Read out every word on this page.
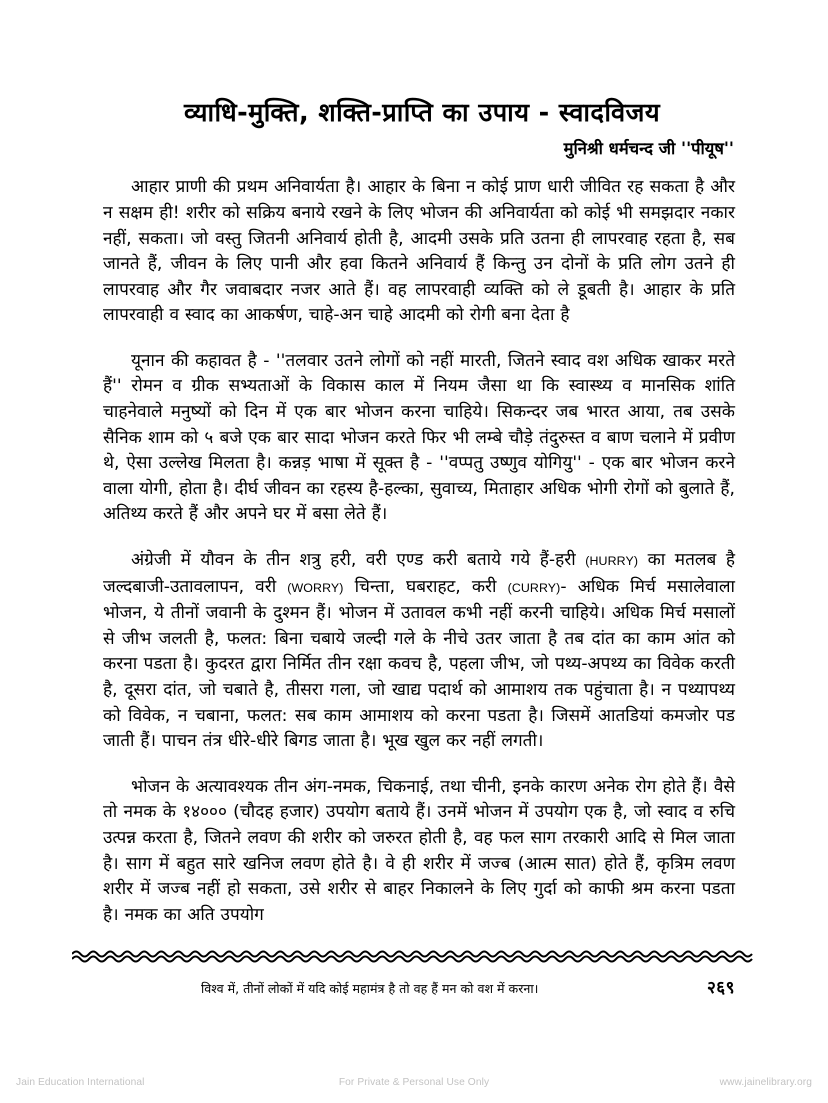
व्याधि-मुक्ति, शक्ति-प्राप्ति का उपाय - स्वादविजय
मुनिश्री धर्मचन्द जी ''पीयूष''

आहार प्राणी की प्रथम अनिवार्यता है। आहार के बिना न कोई प्राण धारी जीवित रह सकता है और न सक्षम ही! शरीर को सक्रिय बनाये रखने के लिए भोजन की अनिवार्यता को कोई भी समझदार नकार नहीं, सकता। जो वस्तु जितनी अनिवार्य होती है, आदमी उसके प्रति उतना ही लापरवाह रहता है, सब जानते हैं, जीवन के लिए पानी और हवा कितने अनिवार्य हैं किन्तु उन दोनों के प्रति लोग उतने ही लापरवाह और गैर जवाबदार नजर आते हैं। वह लापरवाही व्यक्ति को ले डूबती है। आहार के प्रति लापरवाही व स्वाद का आकर्षण, चाहे-अन चाहे आदमी को रोगी बना देता है

यूनान की कहावत है - ''तलवार उतने लोगों को नहीं मारती, जितने स्वाद वश अधिक खाकर मरते हैं'' रोमन व ग्रीक सभ्यताओं के विकास काल में नियम जैसा था कि स्वास्थ्य व मानसिक शांति चाहनेवाले मनुष्यों को दिन में एक बार भोजन करना चाहिये। सिकन्दर जब भारत आया, तब उसके सैनिक शाम को ५ बजे एक बार सादा भोजन करते फिर भी लम्बे चौड़े तंदुरुस्त व बाण चलाने में प्रवीण थे, ऐसा उल्लेख मिलता है। कन्नड़ भाषा में सूक्त है - ''वप्पतु उष्णुव योगियु'' - एक बार भोजन करने वाला योगी, होता है। दीर्घ जीवन का रहस्य है-हल्का, सुवाच्य, मिताहार अधिक भोगी रोगों को बुलाते हैं, अतिथ्य करते हैं और अपने घर में बसा लेते हैं।

अंग्रेजी में यौवन के तीन शत्रु हरी, वरी एण्ड करी बताये गये हैं-हरी (HURRY) का मतलब है जल्दबाजी-उतावलापन, वरी (WORRY) चिन्ता, घबराहट, करी (CURRY)- अधिक मिर्च मसालेवाला भोजन, ये तीनों जवानी के दुश्मन हैं। भोजन में उतावल कभी नहीं करनी चाहिये। अधिक मिर्च मसालों से जीभ जलती है, फलत: बिना चबाये जल्दी गले के नीचे उतर जाता है तब दांत का काम आंत को करना पडता है। कुदरत द्वारा निर्मित तीन रक्षा कवच है, पहला जीभ, जो पथ्य-अपथ्य का विवेक करती है, दूसरा दांत, जो चबाते है, तीसरा गला, जो खाद्य पदार्थ को आमाशय तक पहुंचाता है। न पथ्यापथ्य को विवेक, न चबाना, फलत: सब काम आमाशय को करना पडता है। जिसमें आतडियां कमजोर पड जाती हैं। पाचन तंत्र धीरे-धीरे बिगड जाता है। भूख खुल कर नहीं लगती।

भोजन के अत्यावश्यक तीन अंग-नमक, चिकनाई, तथा चीनी, इनके कारण अनेक रोग होते हैं। वैसे तो नमक के १४००० (चौदह हजार) उपयोग बताये हैं। उनमें भोजन में उपयोग एक है, जो स्वाद व रुचि उत्पन्न करता है, जितने लवण की शरीर को जरुरत होती है, वह फल साग तरकारी आदि से मिल जाता है। साग में बहुत सारे खनिज लवण होते है। वे ही शरीर में जज्ब (आत्म सात) होते हैं, कृत्रिम लवण शरीर में जज्ब नहीं हो सकता, उसे शरीर से बाहर निकालने के लिए गुर्दा को काफी श्रम करना पडता है। नमक का अति उपयोग

विश्व में, तीनों लोकों में यदि कोई महामंत्र है तो वह हैं मन को वश में करना।	२६९
Jain Education International	For Private & Personal Use Only	www.jainelibrary.org
